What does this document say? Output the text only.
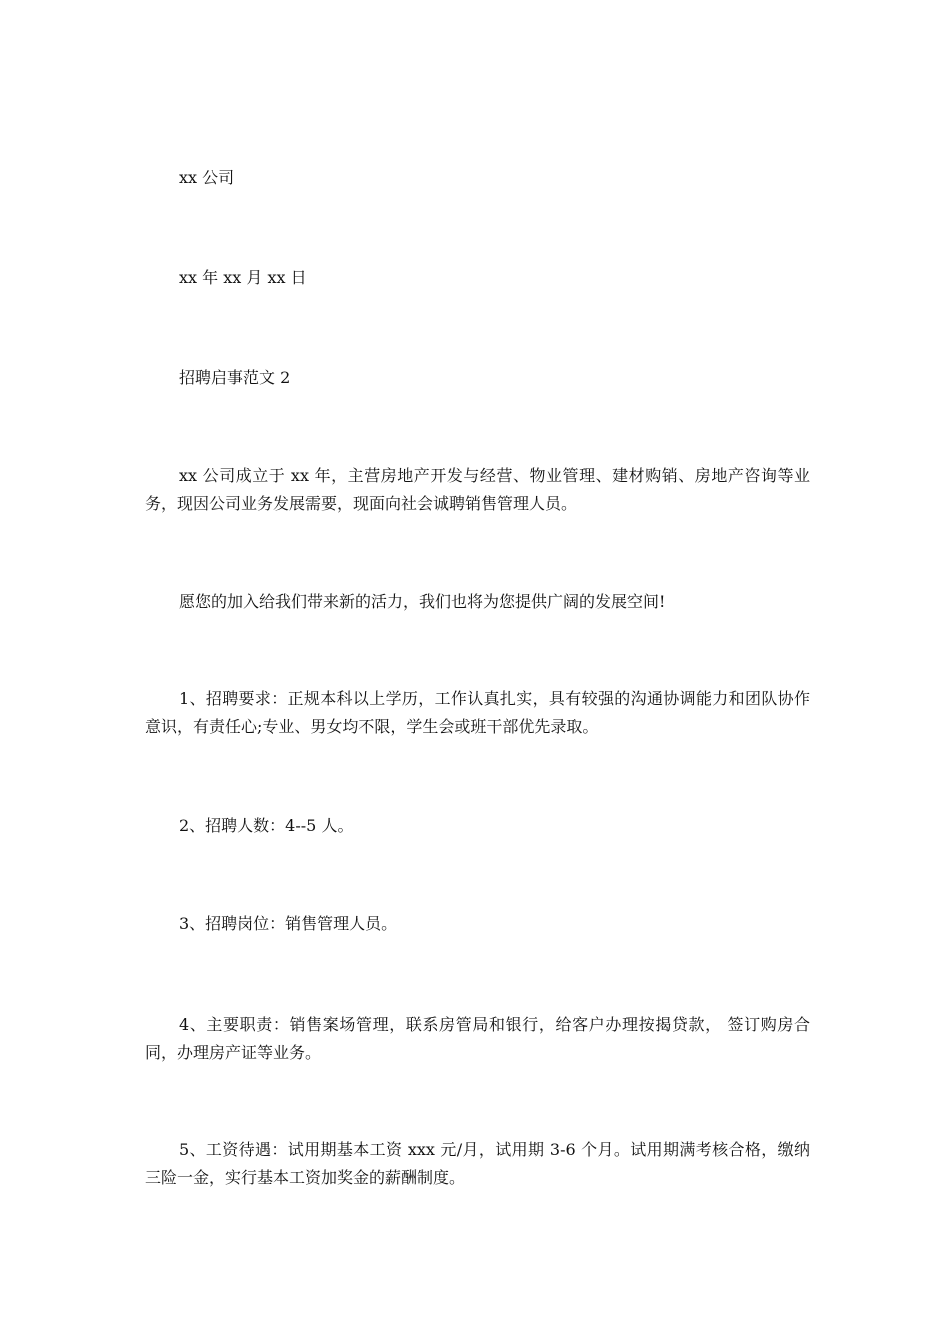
xx 公司

xx 年 xx 月 xx 日

招聘启事范文 2

xx 公司成立于 xx 年，主营房地产开发与经营、物业管理、建材购销、房地产咨询等业务，现因公司业务发展需要，现面向社会诚聘销售管理人员。

愿您的加入给我们带来新的活力，我们也将为您提供广阔的发展空间!

1、招聘要求：正规本科以上学历，工作认真扎实，具有较强的沟通协调能力和团队协作意识，有责任心;专业、男女均不限，学生会或班干部优先录取。

2、招聘人数：4--5 人。

3、招聘岗位：销售管理人员。

4、主要职责：销售案场管理，联系房管局和银行，给客户办理按揭贷款， 签订购房合同，办理房产证等业务。

5、工资待遇：试用期基本工资 xxx 元/月，试用期 3-6 个月。试用期满考核合格，缴纳三险一金，实行基本工资加奖金的薪酬制度。
